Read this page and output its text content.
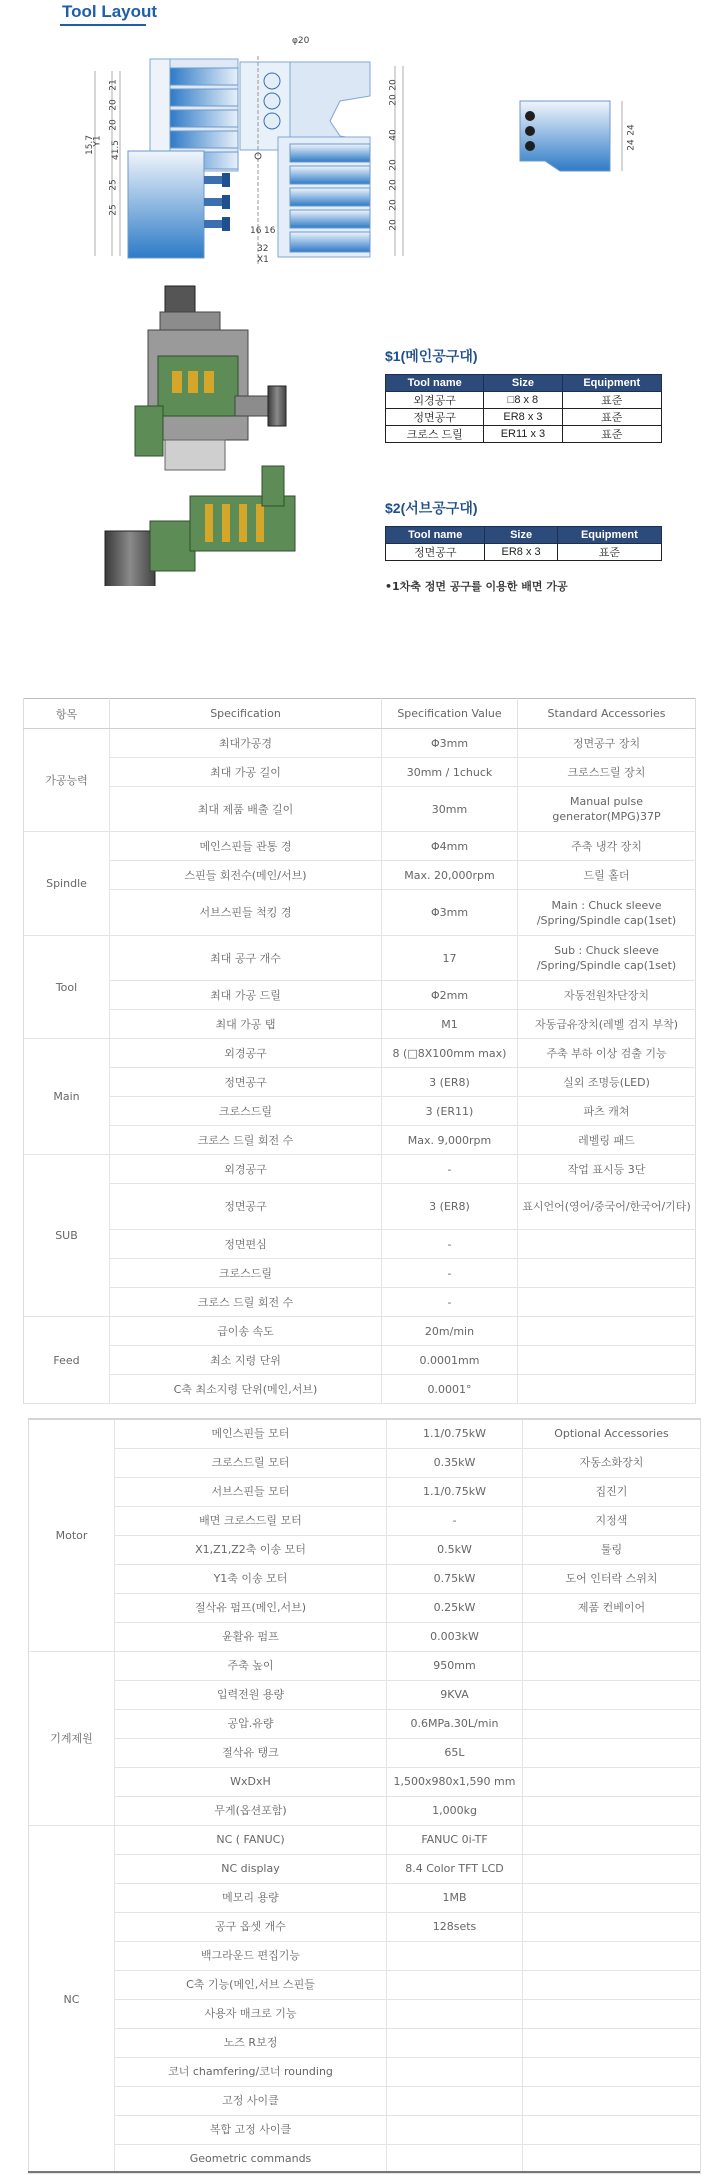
Tool Layout
φ20
15.7
Y1 41.5
20
20
21
25
25
20
20
40
20
20
20
20
24
24
16 16
32
X1
$1(메인공구대)
Tool name	Size	Equipment
외경공구	□8 x 8	표준
정면공구	ER8 x 3	표준
크로스 드릴	ER11 x 3	표준
$2(서브공구대)
Tool name	Size	Equipment
정면공구	ER8 x 3	표준
•1차축 정면 공구를 이용한 배면 가공
항목	Specification	Specification Value	Standard Accessories
가공능력	최대가공경	Φ3mm	정면공구 장치
	최대 가공 길이	30mm / 1chuck	크로스드릴 장치
	최대 제품 배출 길이	30mm	Manual pulse generator(MPG)37P
Spindle	메인스핀들 관통 경	Φ4mm	주축 냉각 장치
	스핀들 회전수(메인/서브)	Max. 20,000rpm	드릴 홀더
	서브스핀들 척킹 경	Φ3mm	Main : Chuck sleeve /Spring/Spindle cap(1set)
Tool	최대 공구 개수	17	Sub : Chuck sleeve /Spring/Spindle cap(1set)
	최대 가공 드릴	Φ2mm	자동전원차단장치
	최대 가공 탭	M1	자동급유장치(레벨 검지 부착)
Main	외경공구	8 (□8X100mm max)	주축 부하 이상 검출 기능
	정면공구	3 (ER8)	실외 조명등(LED)
	크로스드릴	3 (ER11)	파츠 캐쳐
	크로스 드릴 회전 수	Max. 9,000rpm	레벨링 패드
SUB	외경공구	-	작업 표시등 3단
	정면공구	3 (ER8)	표시언어(영어/중국어/한국어/기타)
	정면편심	-	
	크로스드릴	-	
	크로스 드릴 회전 수	-	
Feed	급이송 속도	20m/min	
	최소 지령 단위	0.0001mm	
	C축 최소지령 단위(메인,서브)	0.0001°	
Motor	메인스핀들 모터	1.1/0.75kW	Optional Accessories
	크로스드릴 모터	0.35kW	자동소화장치
	서브스핀들 모터	1.1/0.75kW	집진기
	배면 크로스드릴 모터	-	지정색
	X1,Z1,Z2축 이송 모터	0.5kW	툴링
	Y1축 이송 모터	0.75kW	도어 인터락 스위치
	절삭유 펌프(메인,서브)	0.25kW	제품 컨베이어
	윤활유 펌프	0.003kW	
기계제원	주축 높이	950mm	
	입력전원 용량	9KVA	
	공압.유량	0.6MPa.30L/min	
	절삭유 탱크	65L	
	WxDxH	1,500x980x1,590 mm	
	무게(옵션포함)	1,000kg	
NC	NC ( FANUC)	FANUC 0i-TF	
	NC display	8.4 Color TFT LCD	
	메모리 용량	1MB	
	공구 옵셋 개수	128sets	
	백그라운드 편집기능		
	C축 기능(메인,서브 스핀들		
	사용자 매크로 기능		
	노즈 R보정		
	코너 chamfering/코너 rounding		
	고정 사이클		
	복합 고정 사이클		
	Geometric commands		
